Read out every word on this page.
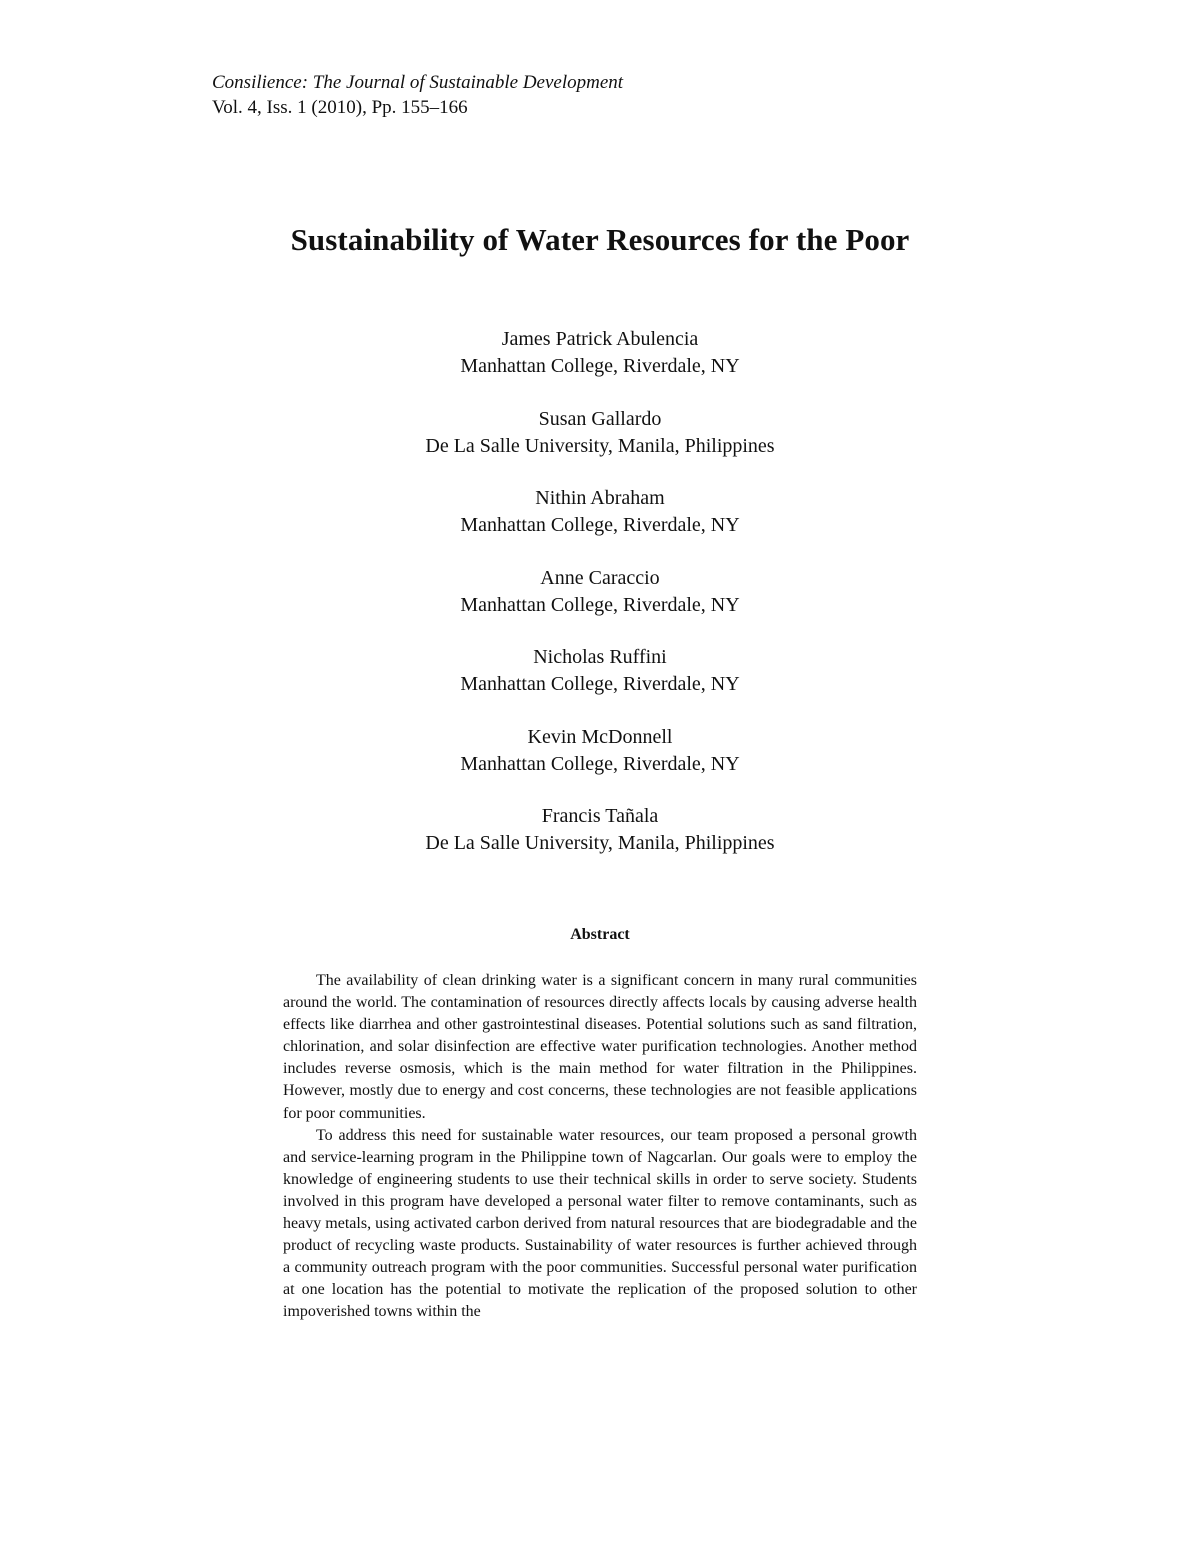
Consilience: The Journal of Sustainable Development
Vol. 4, Iss. 1 (2010), Pp. 155–166
Sustainability of Water Resources for the Poor
James Patrick Abulencia
Manhattan College, Riverdale, NY
Susan Gallardo
De La Salle University, Manila, Philippines
Nithin Abraham
Manhattan College, Riverdale, NY
Anne Caraccio
Manhattan College, Riverdale, NY
Nicholas Ruffini
Manhattan College, Riverdale, NY
Kevin McDonnell
Manhattan College, Riverdale, NY
Francis Tañala
De La Salle University, Manila, Philippines
Abstract

The availability of clean drinking water is a significant concern in many rural communities around the world. The contamination of resources directly affects locals by causing adverse health effects like diarrhea and other gastrointestinal diseases. Potential solutions such as sand filtration, chlorination, and solar disinfection are effective water purification technologies. Another method includes reverse osmosis, which is the main method for water filtration in the Philippines. However, mostly due to energy and cost concerns, these technologies are not feasible applications for poor communities.

To address this need for sustainable water resources, our team proposed a personal growth and service-learning program in the Philippine town of Nagcarlan. Our goals were to employ the knowledge of engineering students to use their technical skills in order to serve society. Students involved in this program have developed a personal water filter to remove contaminants, such as heavy metals, using activated carbon derived from natural resources that are biodegradable and the product of recycling waste products. Sustainability of water resources is further achieved through a community outreach program with the poor communities. Successful personal water purification at one location has the potential to motivate the replication of the proposed solution to other impoverished towns within the
